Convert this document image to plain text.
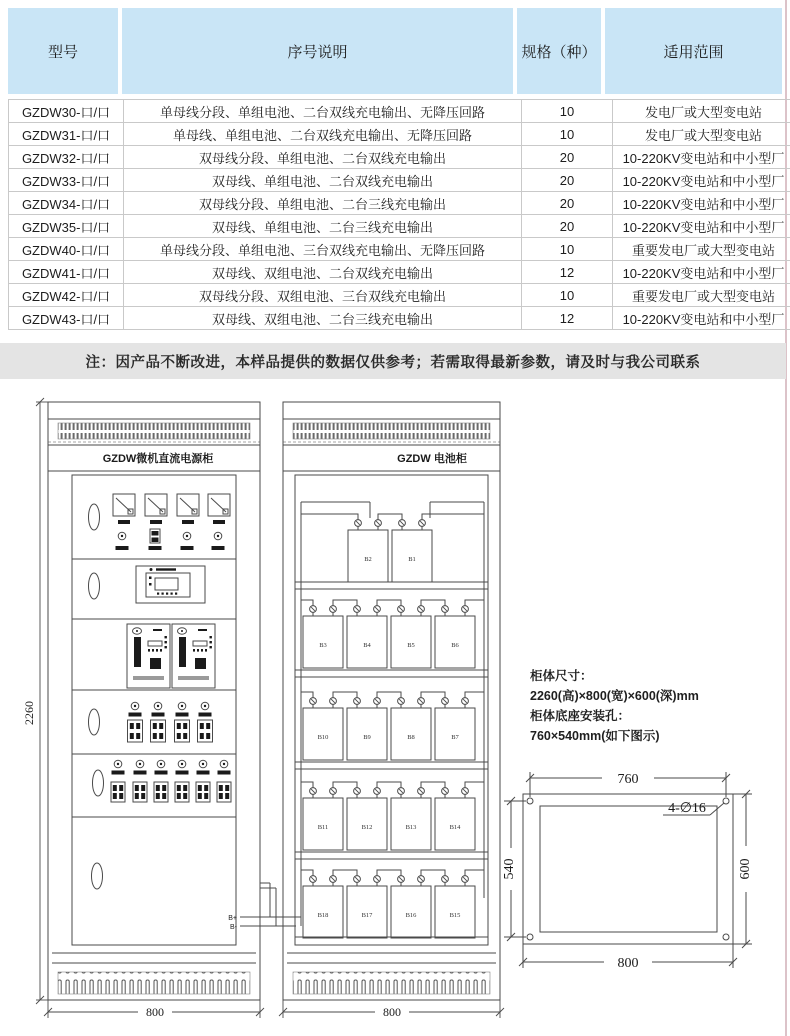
型号	序号说明	规格（种）	适用范围
GZDW30-口/口	单母线分段、单组电池、二台双线充电输出、无降压回路	10	发电厂或大型变电站
GZDW31-口/口	单母线、单组电池、二台双线充电输出、无降压回路	10	发电厂或大型变电站
GZDW32-口/口	双母线分段、单组电池、二台双线充电输出	20	10-220KV变电站和中小型厂
GZDW33-口/口	双母线、单组电池、二台双线充电输出	20	10-220KV变电站和中小型厂
GZDW34-口/口	双母线分段、单组电池、二台三线充电输出	20	10-220KV变电站和中小型厂
GZDW35-口/口	双母线、单组电池、二台三线充电输出	20	10-220KV变电站和中小型厂
GZDW40-口/口	单母线分段、单组电池、三台双线充电输出、无降压回路	10	重要发电厂或大型变电站
GZDW41-口/口	双母线、双组电池、二台双线充电输出	12	10-220KV变电站和中小型厂
GZDW42-口/口	双母线分段、双组电池、三台双线充电输出	10	重要发电厂或大型变电站
GZDW43-口/口	双母线、双组电池、二台三线充电输出	12	10-220KV变电站和中小型厂
注：因产品不断改进，本样品提供的数据仅供参考；若需取得最新参数，请及时与我公司联系
GZDW微机直流电源柜	GZDW 电池柜
B2	B1
B3	B4	B5	B6
B10	B9	B8	B7
B11	B12	B13	B14
B18	B17	B16	B15
B+
B-
2260
800	800
柜体尺寸：
2260(高)×800(宽)×600(深)mm
柜体底座安装孔：
760×540mm(如下图示)
760
540	600
800
4-∅16
